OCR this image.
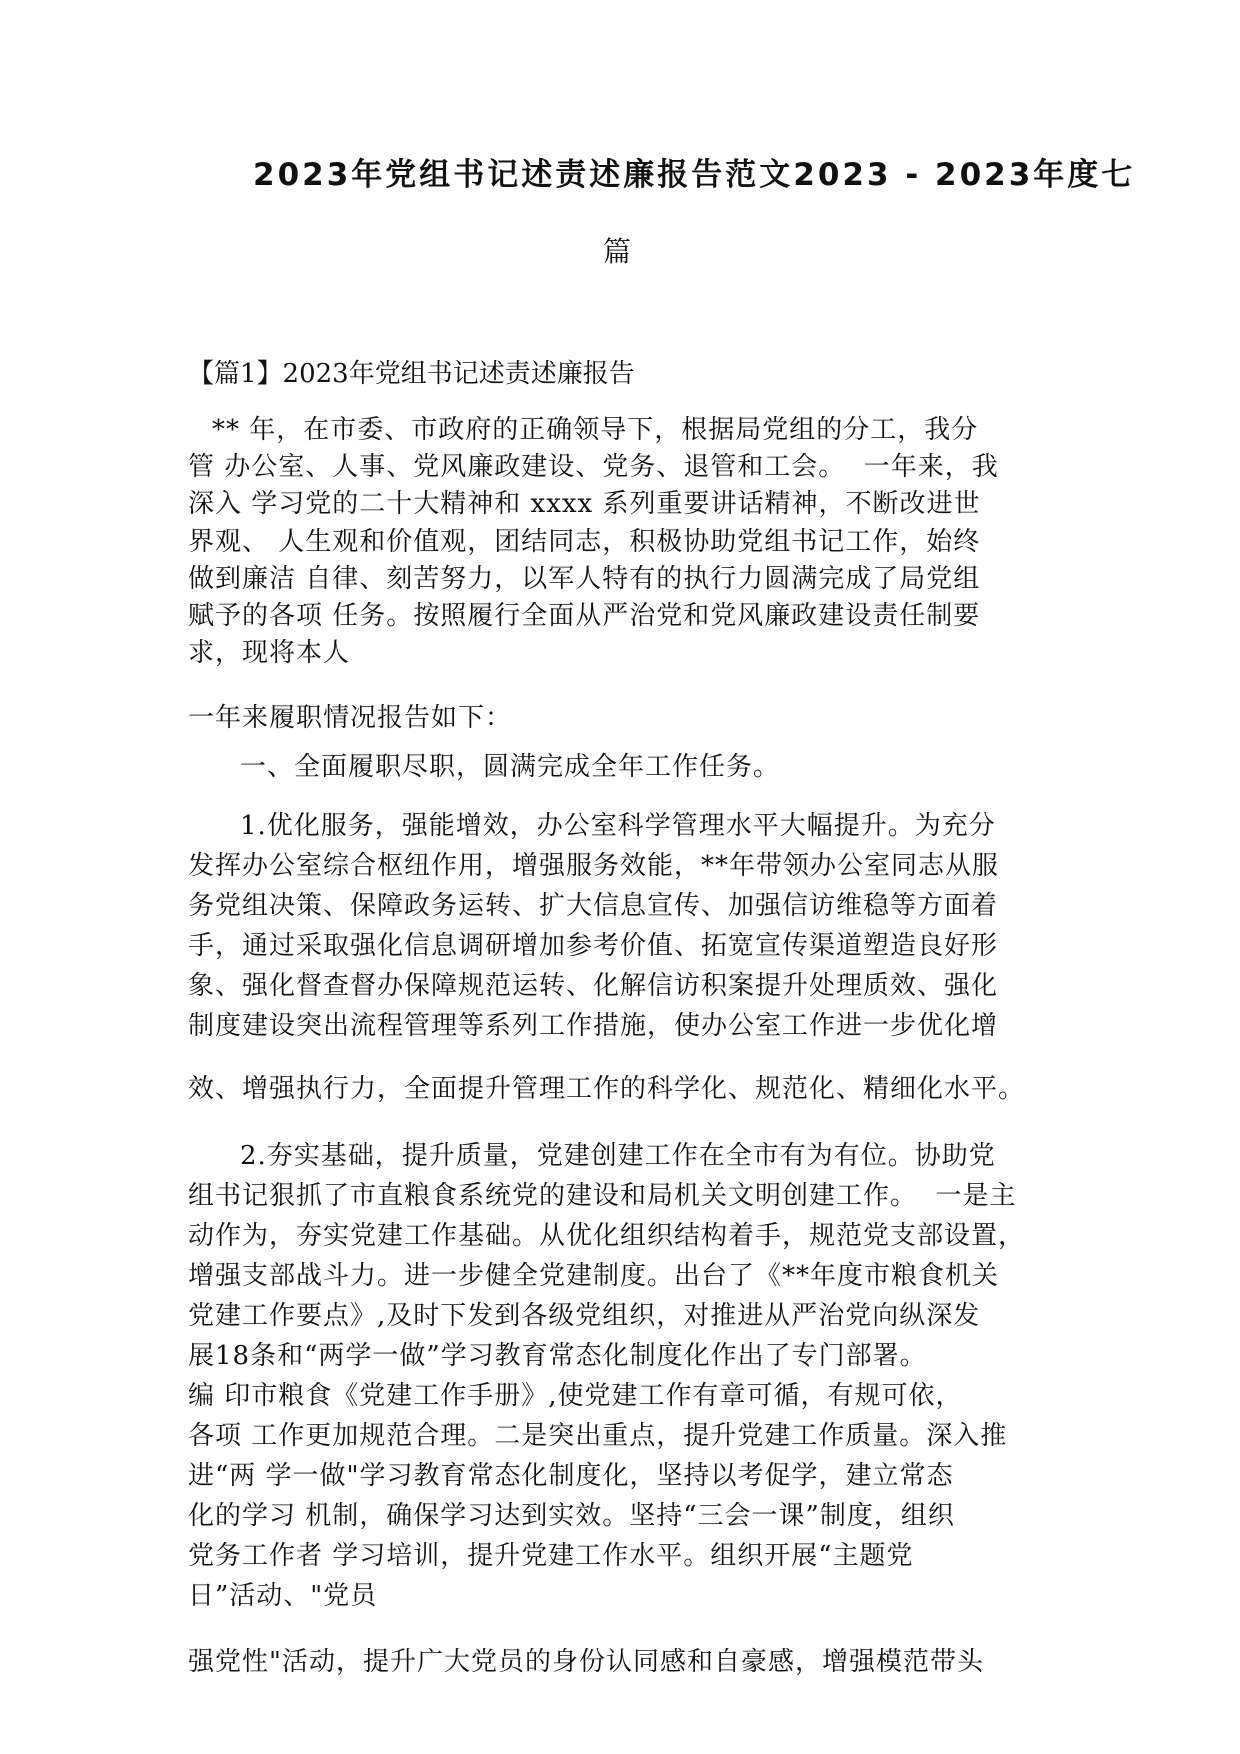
2023年党组书记述责述廉报告范文2023 - 2023年度七
篇
【篇1】2023年党组书记述责述廉报告
** 年，在市委、市政府的正确领导下，根据局党组的分工，我分
管 办公室、人事、党风廉政建设、党务、退管和工会。  一年来，我
深入 学习党的二十大精神和 xxxx 系列重要讲话精神，不断改进世
界观、 人生观和价值观，团结同志，积极协助党组书记工作，始终
做到廉洁 自律、刻苦努力，以军人特有的执行力圆满完成了局党组
赋予的各项 任务。按照履行全面从严治党和党风廉政建设责任制要
求，现将本人
一年来履职情况报告如下：
一、全面履职尽职，圆满完成全年工作任务。
1.优化服务，强能增效，办公室科学管理水平大幅提升。为充分
发挥办公室综合枢纽作用，增强服务效能，**年带领办公室同志从服
务党组决策、保障政务运转、扩大信息宣传、加强信访维稳等方面着
手，通过采取强化信息调研增加参考价值、拓宽宣传渠道塑造良好形
象、强化督查督办保障规范运转、化解信访积案提升处理质效、强化
制度建设突出流程管理等系列工作措施，使办公室工作进一步优化增
效、增强执行力，全面提升管理工作的科学化、规范化、精细化水平。
2.夯实基础，提升质量，党建创建工作在全市有为有位。协助党
组书记狠抓了市直粮食系统党的建设和局机关文明创建工作。  一是主
动作为，夯实党建工作基础。从优化组织结构着手，规范党支部设置，
增强支部战斗力。进一步健全党建制度。出台了《**年度市粮食机关
党建工作要点》,及时下发到各级党组织，对推进从严治党向纵深发
展18条和“两学一做”学习教育常态化制度化作出了专门部署。
编 印市粮食《党建工作手册》,使党建工作有章可循，有规可依，
各项 工作更加规范合理。二是突出重点，提升党建工作质量。深入推
进“两 学一做"学习教育常态化制度化，坚持以考促学，建立常态
化的学习 机制，确保学习达到实效。坚持“三会一课”制度，组织
党务工作者 学习培训，提升党建工作水平。组织开展“主题党
日”活动、"党员
强党性"活动，提升广大党员的身份认同感和自豪感，增强模范带头
